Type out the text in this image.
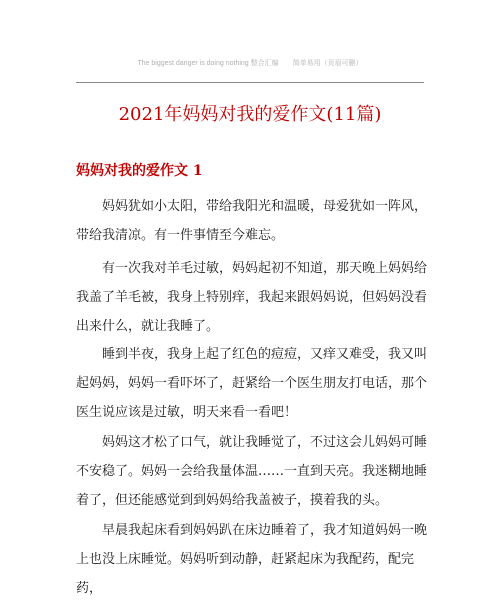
The biggest danger is doing nothing 整合汇编　　简单易用（页眉可删）
2021年妈妈对我的爱作文(11篇)
妈妈对我的爱作文 1

妈妈犹如小太阳，带给我阳光和温暖，母爱犹如一阵风，带给我清凉。有一件事情至今难忘。

有一次我对羊毛过敏，妈妈起初不知道，那天晚上妈妈给我盖了羊毛被，我身上特别痒，我起来跟妈妈说，但妈妈没看出来什么，就让我睡了。

睡到半夜，我身上起了红色的痘痘，又痒又难受，我又叫起妈妈，妈妈一看吓坏了，赶紧给一个医生朋友打电话，那个医生说应该是过敏，明天来看一看吧！

妈妈这才松了口气，就让我睡觉了，不过这会儿妈妈可睡不安稳了。妈妈一会给我量体温……一直到天亮。我迷糊地睡着了，但还能感觉到到妈妈给我盖被子，摸着我的头。

早晨我起床看到妈妈趴在床边睡着了，我才知道妈妈一晚上也没上床睡觉。妈妈听到动静，赶紧起床为我配药，配完药，
